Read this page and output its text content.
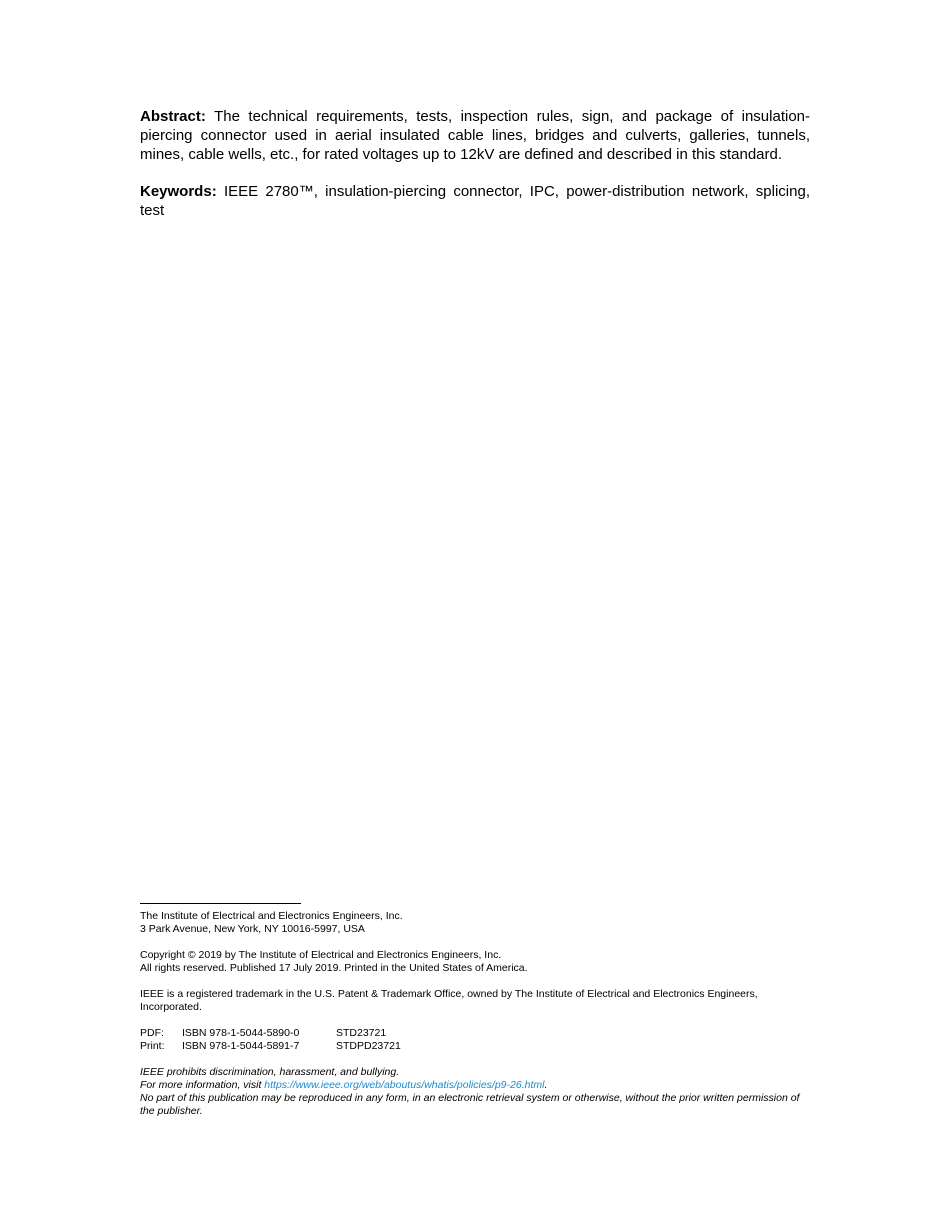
Abstract: The technical requirements, tests, inspection rules, sign, and package of insulation-piercing connector used in aerial insulated cable lines, bridges and culverts, galleries, tunnels, mines, cable wells, etc., for rated voltages up to 12kV are defined and described in this standard.

Keywords: IEEE 2780™, insulation-piercing connector, IPC, power-distribution network, splicing, test

The Institute of Electrical and Electronics Engineers, Inc.

3 Park Avenue, New York, NY 10016-5997, USA

Copyright © 2019 by The Institute of Electrical and Electronics Engineers, Inc.

All rights reserved. Published 17 July 2019. Printed in the United States of America.

IEEE is a registered trademark in the U.S. Patent & Trademark Office, owned by The Institute of Electrical and Electronics Engineers, Incorporated.

PDF:	ISBN 978-1-5044-5890-0	STD23721
Print:	ISBN 978-1-5044-5891-7	STDPD23721

IEEE prohibits discrimination, harassment, and bullying.

For more information, visit https://www.ieee.org/web/aboutus/whatis/policies/p9-26.html.

No part of this publication may be reproduced in any form, in an electronic retrieval system or otherwise, without the prior written permission of the publisher.
